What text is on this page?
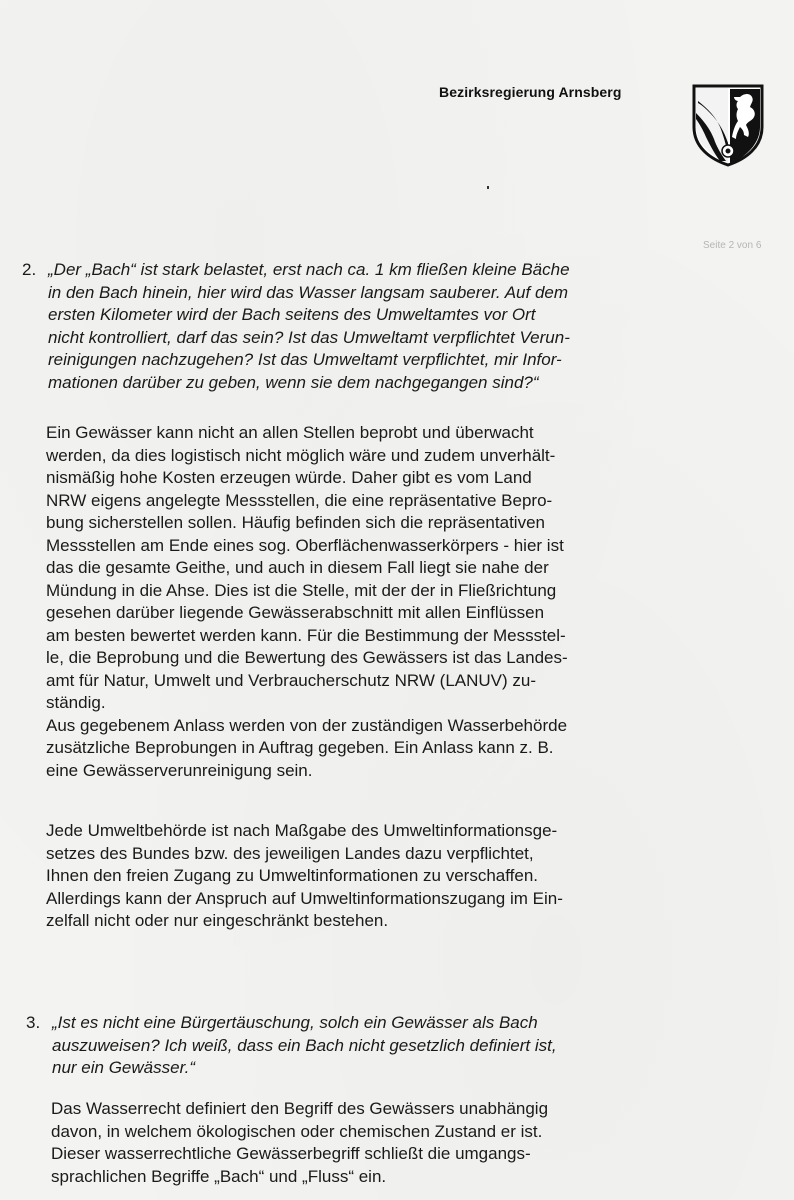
Bezirksregierung Arnsberg
Seite 2 von 6
2. „Der „Bach“ ist stark belastet, erst nach ca. 1 km fließen kleine Bäche
in den Bach hinein, hier wird das Wasser langsam sauberer. Auf dem
ersten Kilometer wird der Bach seitens des Umweltamtes vor Ort
nicht kontrolliert, darf das sein? Ist das Umweltamt verpflichtet Verun-
reinigungen nachzugehen? Ist das Umweltamt verpflichtet, mir Infor-
mationen darüber zu geben, wenn sie dem nachgegangen sind?“
Ein Gewässer kann nicht an allen Stellen beprobt und überwacht
werden, da dies logistisch nicht möglich wäre und zudem unverhält-
nismäßig hohe Kosten erzeugen würde. Daher gibt es vom Land
NRW eigens angelegte Messstellen, die eine repräsentative Bepro-
bung sicherstellen sollen. Häufig befinden sich die repräsentativen
Messstellen am Ende eines sog. Oberflächenwasserkörpers - hier ist
das die gesamte Geithe, und auch in diesem Fall liegt sie nahe der
Mündung in die Ahse. Dies ist die Stelle, mit der der in Fließrichtung
gesehen darüber liegende Gewässerabschnitt mit allen Einflüssen
am besten bewertet werden kann. Für die Bestimmung der Messstel-
le, die Beprobung und die Bewertung des Gewässers ist das Landes-
amt für Natur, Umwelt und Verbraucherschutz NRW (LANUV) zu-
ständig.
Aus gegebenem Anlass werden von der zuständigen Wasserbehörde
zusätzliche Beprobungen in Auftrag gegeben. Ein Anlass kann z. B.
eine Gewässerverunreinigung sein.
Jede Umweltbehörde ist nach Maßgabe des Umweltinformationsge-
setzes des Bundes bzw. des jeweiligen Landes dazu verpflichtet,
Ihnen den freien Zugang zu Umweltinformationen zu verschaffen.
Allerdings kann der Anspruch auf Umweltinformationszugang im Ein-
zelfall nicht oder nur eingeschränkt bestehen.
3. „Ist es nicht eine Bürgertäuschung, solch ein Gewässer als Bach
auszuweisen? Ich weiß, dass ein Bach nicht gesetzlich definiert ist,
nur ein Gewässer.“
Das Wasserrecht definiert den Begriff des Gewässers unabhängig
davon, in welchem ökologischen oder chemischen Zustand er ist.
Dieser wasserrechtliche Gewässerbegriff schließt die umgangs-
sprachlichen Begriffe „Bach“ und „Fluss“ ein.
